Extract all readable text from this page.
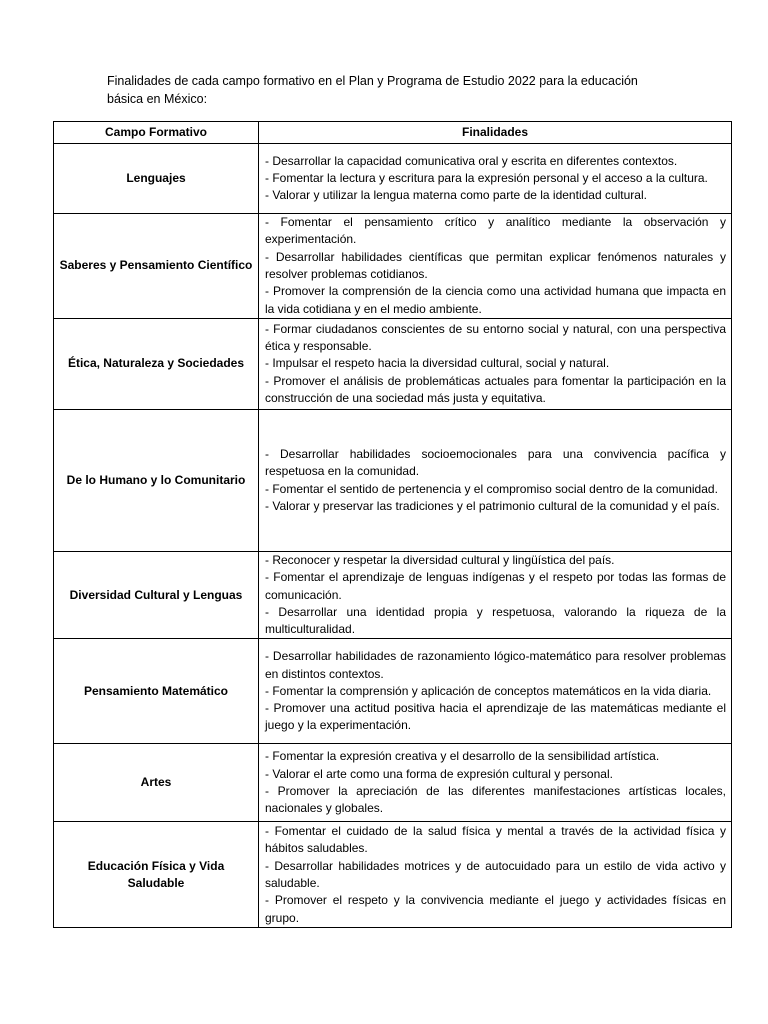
Finalidades de cada campo formativo en el Plan y Programa de Estudio 2022 para la educación básica en México:
Campo Formativo	Finalidades
Lenguajes	- Desarrollar la capacidad comunicativa oral y escrita en diferentes contextos.
- Fomentar la lectura y escritura para la expresión personal y el acceso a la cultura.
- Valorar y utilizar la lengua materna como parte de la identidad cultural.

Saberes y Pensamiento Científico	- Fomentar el pensamiento crítico y analítico mediante la observación y experimentación.
- Desarrollar habilidades científicas que permitan explicar fenómenos naturales y resolver problemas cotidianos.
- Promover la comprensión de la ciencia como una actividad humana que impacta en la vida cotidiana y en el medio ambiente.

Ética, Naturaleza y Sociedades	- Formar ciudadanos conscientes de su entorno social y natural, con una perspectiva ética y responsable.
- Impulsar el respeto hacia la diversidad cultural, social y natural.
- Promover el análisis de problemáticas actuales para fomentar la participación en la construcción de una sociedad más justa y equitativa.

De lo Humano y lo Comunitario	- Desarrollar habilidades socioemocionales para una convivencia pacífica y respetuosa en la comunidad.
- Fomentar el sentido de pertenencia y el compromiso social dentro de la comunidad.
- Valorar y preservar las tradiciones y el patrimonio cultural de la comunidad y el país.

Diversidad Cultural y Lenguas	- Reconocer y respetar la diversidad cultural y lingüística del país.
- Fomentar el aprendizaje de lenguas indígenas y el respeto por todas las formas de comunicación.
- Desarrollar una identidad propia y respetuosa, valorando la riqueza de la multiculturalidad.

Pensamiento Matemático	- Desarrollar habilidades de razonamiento lógico-matemático para resolver problemas en distintos contextos.
- Fomentar la comprensión y aplicación de conceptos matemáticos en la vida diaria.
- Promover una actitud positiva hacia el aprendizaje de las matemáticas mediante el juego y la experimentación.

Artes	- Fomentar la expresión creativa y el desarrollo de la sensibilidad artística.
- Valorar el arte como una forma de expresión cultural y personal.
- Promover la apreciación de las diferentes manifestaciones artísticas locales, nacionales y globales.

Educación Física y Vida Saludable	- Fomentar el cuidado de la salud física y mental a través de la actividad física y hábitos saludables.
- Desarrollar habilidades motrices y de autocuidado para un estilo de vida activo y saludable.
- Promover el respeto y la convivencia mediante el juego y actividades físicas en grupo.
